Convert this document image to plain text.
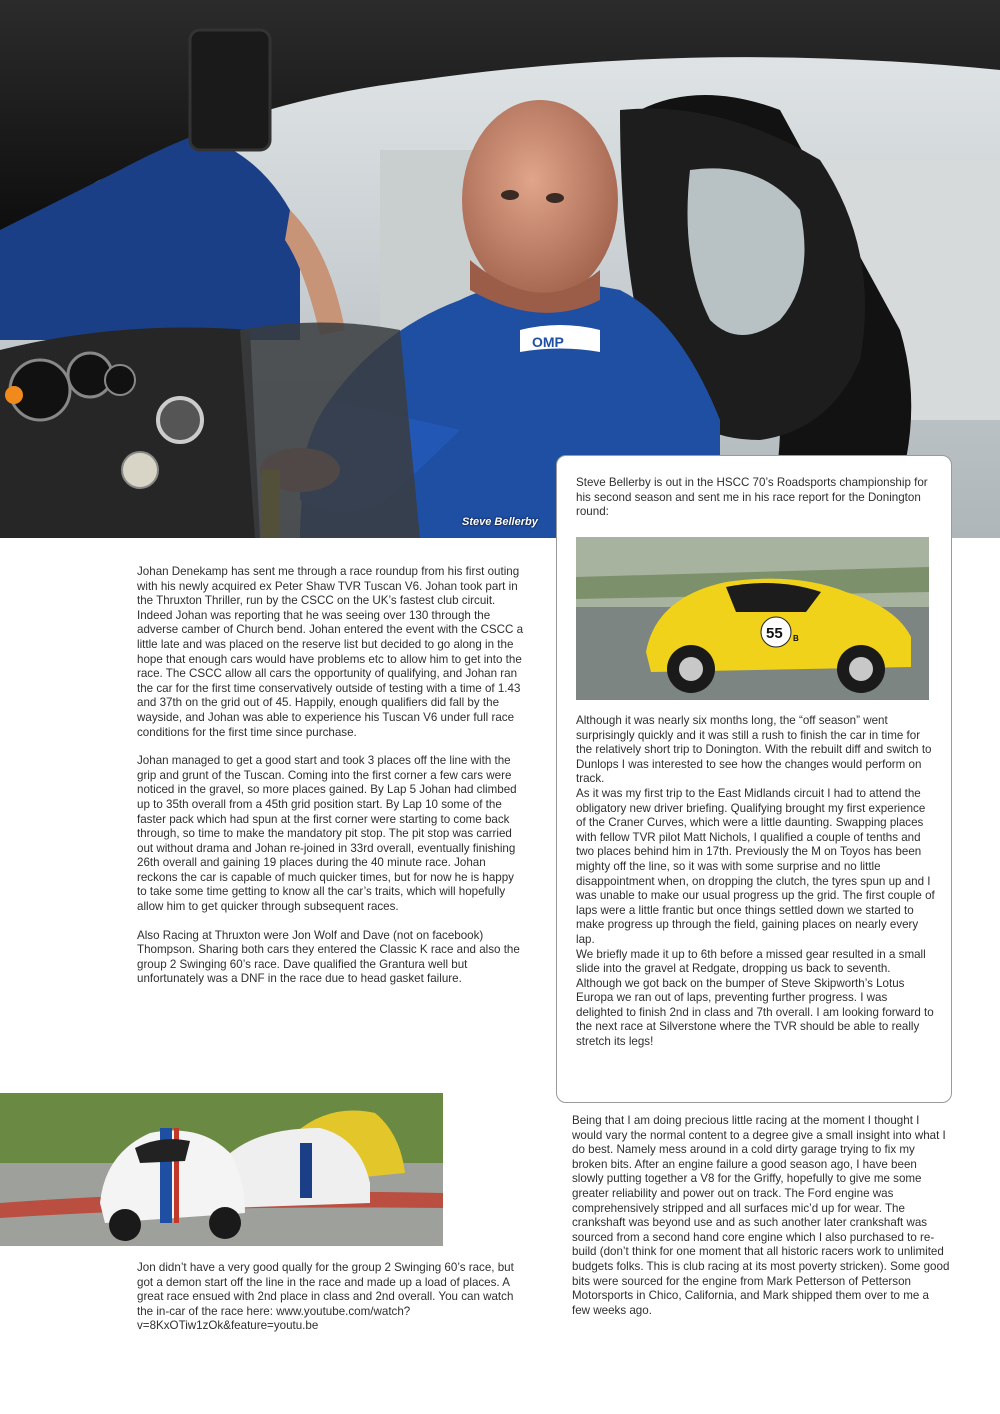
OMP
Steve Bellerby

Johan Denekamp has sent me through a race roundup from his first outing with his newly acquired ex Peter Shaw TVR Tuscan V6. Johan took part in the Thruxton Thriller, run by the CSCC on the UK’s fastest club circuit. Indeed Johan was reporting that he was seeing over 130 through the adverse camber of Church bend. Johan entered the event with the CSCC a little late and was placed on the reserve list but decided to go along in the hope that enough cars would have problems etc to allow him to get into the race. The CSCC allow all cars the opportunity of qualifying, and Johan ran the car for the first time conservatively outside of testing with a time of 1.43 and 37th on the grid out of 45. Happily, enough qualifiers did fall by the wayside, and Johan was able to experience his Tuscan V6 under full race conditions for the first time since purchase.

Johan managed to get a good start and took 3 places off the line with the grip and grunt of the Tuscan. Coming into the first corner a few cars were noticed in the gravel, so more places gained. By Lap 5 Johan had climbed up to 35th overall from a 45th grid position start. By Lap 10 some of the faster pack which had spun at the first corner were starting to come back through, so time to make the mandatory pit stop. The pit stop was carried out without drama and Johan re-joined in 33rd overall, eventually finishing 26th overall and gaining 19 places during the 40 minute race. Johan reckons the car is capable of much quicker times, but for now he is happy to take some time getting to know all the car’s traits, which will hopefully allow him to get quicker through subsequent races.

Also Racing at Thruxton were Jon Wolf and Dave (not on facebook) Thompson. Sharing both cars they entered the Classic K race and also the group 2 Swinging 60’s race. Dave qualified the Grantura well but unfortunately was a DNF in the race due to head gasket failure.

Steve Bellerby is out in the HSCC 70’s Roadsports championship for his second season and sent me in his race report for the Donington round:
55 B
Although it was nearly six months long, the “off season” went surprisingly quickly and it was still a rush to finish the car in time for the relatively short trip to Donington. With the rebuilt diff and switch to Dunlops I was interested to see how the changes would perform on track.
As it was my first trip to the East Midlands circuit I had to attend the obligatory new driver briefing. Qualifying brought my first experience of the Craner Curves, which were a little daunting. Swapping places with fellow TVR pilot Matt Nichols, I qualified a couple of tenths and two places behind him in 17th. Previously the M on Toyos has been mighty off the line, so it was with some surprise and no little disappointment when, on dropping the clutch, the tyres spun up and I was unable to make our usual progress up the grid. The first couple of laps were a little frantic but once things settled down we started to make progress up through the field, gaining places on nearly every lap.
We briefly made it up to 6th before a missed gear resulted in a small slide into the gravel at Redgate, dropping us back to seventh. Although we got back on the bumper of Steve Skipworth’s Lotus Europa we ran out of laps, preventing further progress. I was delighted to finish 2nd in class and 7th overall. I am looking forward to the next race at Silverstone where the TVR should be able to really stretch its legs!
Jon didn’t have a very good qually for the group 2 Swinging 60’s race, but got a demon start off the line in the race and made up a load of places. A great race ensued with 2nd place in class and 2nd overall. You can watch the in-car of the race here: www.youtube.com/watch?v=8KxOTiw1zOk&feature=youtu.be
Being that I am doing precious little racing at the moment I thought I would vary the normal content to a degree give a small insight into what I do best. Namely mess around in a cold dirty garage trying to fix my broken bits. After an engine failure a good season ago, I have been slowly putting together a V8 for the Griffy, hopefully to give me some greater reliability and power out on track. The Ford engine was comprehensively stripped and all surfaces mic’d up for wear. The crankshaft was beyond use and as such another later crankshaft was sourced from a second hand core engine which I also purchased to re-build (don’t think for one moment that all historic racers work to unlimited budgets folks. This is club racing at its most poverty stricken). Some good bits were sourced for the engine from Mark Petterson of Petterson Motorsports in Chico, California, and Mark shipped them over to me a few weeks ago.
